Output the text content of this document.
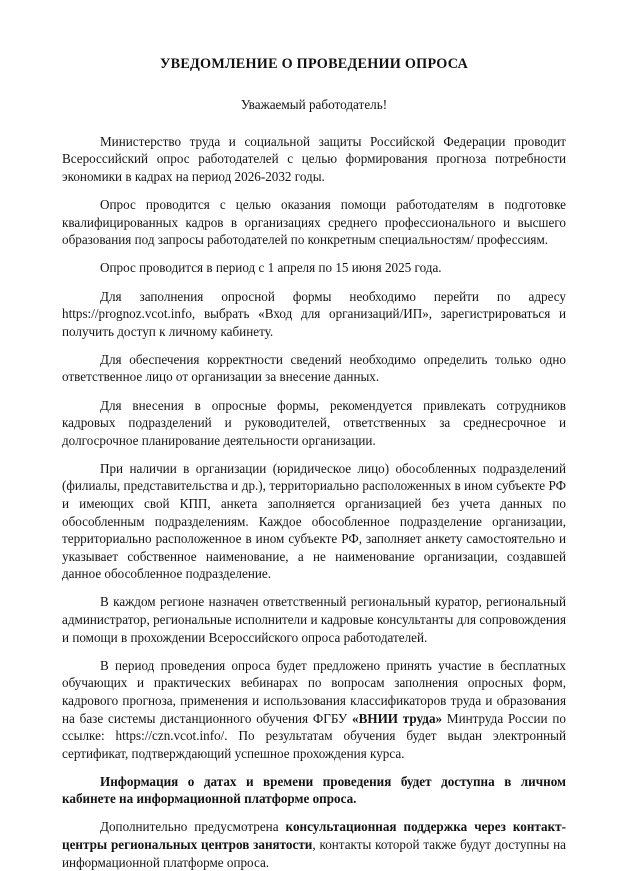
УВЕДОМЛЕНИЕ О ПРОВЕДЕНИИ ОПРОСА

Уважаемый работодатель!

Министерство труда и социальной защиты Российской Федерации проводит Всероссийский опрос работодателей с целью формирования прогноза потребности экономики в кадрах на период 2026-2032 годы.

Опрос проводится с целью оказания помощи работодателям в подготовке квалифицированных кадров в организациях среднего профессионального и высшего образования под запросы работодателей по конкретным специальностям/ профессиям.

Опрос проводится в период с 1 апреля по 15 июня 2025 года.

Для заполнения опросной формы необходимо перейти по адресу https://prognoz.vcot.info, выбрать «Вход для организаций/ИП», зарегистрироваться и получить доступ к личному кабинету.

Для обеспечения корректности сведений необходимо определить только одно ответственное лицо от организации за внесение данных.

Для внесения в опросные формы, рекомендуется привлекать сотрудников кадровых подразделений и руководителей, ответственных за среднесрочное и долгосрочное планирование деятельности организации.

При наличии в организации (юридическое лицо) обособленных подразделений (филиалы, представительства и др.), территориально расположенных в ином субъекте РФ и имеющих свой КПП, анкета заполняется организацией без учета данных по обособленным подразделениям. Каждое обособленное подразделение организации, территориально расположенное в ином субъекте РФ, заполняет анкету самостоятельно и указывает собственное наименование, а не наименование организации, создавшей данное обособленное подразделение.

В каждом регионе назначен ответственный региональный куратор, региональный администратор, региональные исполнители и кадровые консультанты для сопровождения и помощи в прохождении Всероссийского опроса работодателей.

В период проведения опроса будет предложено принять участие в бесплатных обучающих и практических вебинарах по вопросам заполнения опросных форм, кадрового прогноза, применения и использования классификаторов труда и образования на базе системы дистанционного обучения ФГБУ «ВНИИ труда» Минтруда России по ссылке: https://czn.vcot.info/. По результатам обучения будет выдан электронный сертификат, подтверждающий успешное прохождения курса.

Информация о датах и времени проведения будет доступна в личном кабинете на информационной платформе опроса.

Дополнительно предусмотрена консультационная поддержка через контакт-центры региональных центров занятости, контакты которой также будут доступны на информационной платформе опроса.
